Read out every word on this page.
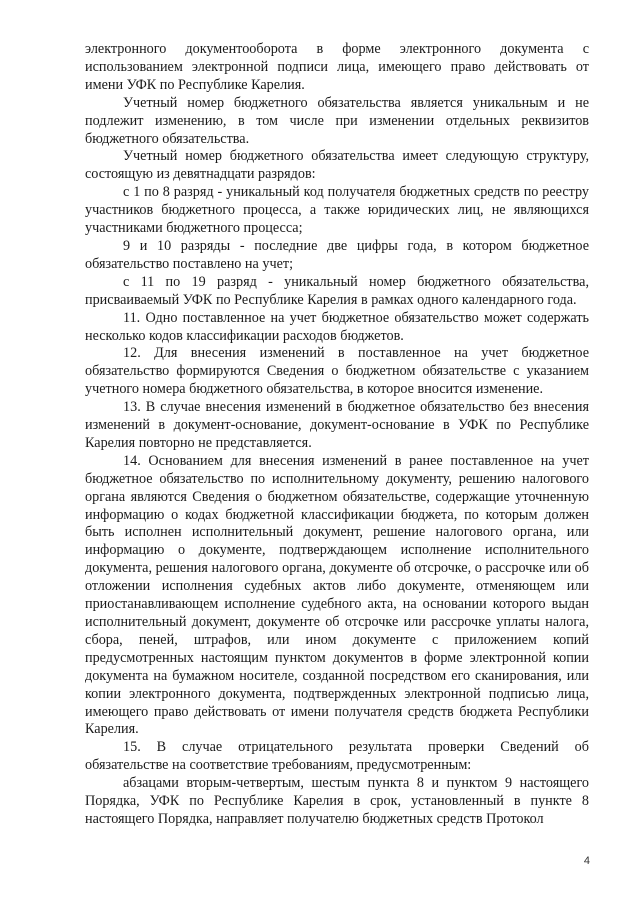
электронного документооборота в форме электронного документа с использованием электронной подписи лица, имеющего право действовать от имени УФК по Республике Карелия.

Учетный номер бюджетного обязательства является уникальным и не подлежит изменению, в том числе при изменении отдельных реквизитов бюджетного обязательства.

Учетный номер бюджетного обязательства имеет следующую структуру, состоящую из девятнадцати разрядов:

с 1 по 8 разряд - уникальный код получателя бюджетных средств по реестру участников бюджетного процесса, а также юридических лиц, не являющихся участниками бюджетного процесса;

9 и 10 разряды - последние две цифры года, в котором бюджетное обязательство поставлено на учет;

с 11 по 19 разряд - уникальный номер бюджетного обязательства, присваиваемый УФК по Республике Карелия в рамках одного календарного года.

11. Одно поставленное на учет бюджетное обязательство может содержать несколько кодов классификации расходов бюджетов.

12. Для внесения изменений в поставленное на учет бюджетное обязательство формируются Сведения о бюджетном обязательстве с указанием учетного номера бюджетного обязательства, в которое вносится изменение.

13. В случае внесения изменений в бюджетное обязательство без внесения изменений в документ-основание, документ-основание в УФК по Республике Карелия повторно не представляется.

14. Основанием для внесения изменений в ранее поставленное на учет бюджетное обязательство по исполнительному документу, решению налогового органа являются Сведения о бюджетном обязательстве, содержащие уточненную информацию о кодах бюджетной классификации бюджета, по которым должен быть исполнен исполнительный документ, решение налогового органа, или информацию о документе, подтверждающем исполнение исполнительного документа, решения налогового органа, документе об отсрочке, о рассрочке или об отложении исполнения судебных актов либо документе, отменяющем или приостанавливающем исполнение судебного акта, на основании которого выдан исполнительный документ, документе об отсрочке или рассрочке уплаты налога, сбора, пеней, штрафов, или ином документе с приложением копий предусмотренных настоящим пунктом документов в форме электронной копии документа на бумажном носителе, созданной посредством его сканирования, или копии электронного документа, подтвержденных электронной подписью лица, имеющего право действовать от имени получателя средств бюджета Республики Карелия.

15. В случае отрицательного результата проверки Сведений об обязательстве на соответствие требованиям, предусмотренным:

абзацами вторым-четвертым, шестым пункта 8 и пунктом 9 настоящего Порядка, УФК по Республике Карелия в срок, установленный в пункте 8 настоящего Порядка, направляет получателю бюджетных средств Протокол

4
